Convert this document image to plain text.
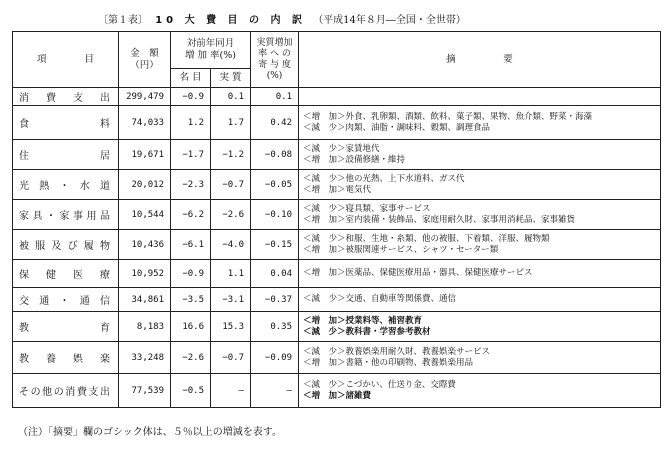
〔第１表〕 10 大 費 目 の 内 訳 （平成14年８月―全国・全世帯）
項　　　　目	金　額
（円）	対前年同月
増 加 率(%)		実質増加
率 へ の
寄 与 度
(%)	摘　　　　　要
		名 目	実 質		
消費支出	299,479	−0.9	0.1	0.1	
食料	74,033	1.2	1.7	0.42	＜増　加＞外食、乳卵類、酒類、飲料、菓子類、果物、魚介類、野菜・海藻
＜減　少＞肉類、油脂・調味料、穀類、調理食品

住居	19,671	−1.7	−1.2	−0.08	＜減　少＞家賃地代
＜増　加＞設備修繕・維持

光熱・水道	20,012	−2.3	−0.7	−0.05	＜減　少＞他の光熱、上下水道料、ガス代
＜増　加＞電気代

家具・家事用品	10,544	−6.2	−2.6	−0.10	＜減　少＞寝具類、家事サービス
＜増　加＞室内装備・装飾品、家庭用耐久財、家事用消耗品、家事雑貨

被服及び履物	10,436	−6.1	−4.0	−0.15	＜減　少＞和服、生地・糸類、他の被服、下着類、洋服、履物類
＜増　加＞被服関連サービス、シャツ・セーター類

保健医療	10,952	−0.9	1.1	0.04	＜増　加＞医薬品、保健医療用品・器具、保健医療サービス

交通・通信	34,861	−3.5	−3.1	−0.37	＜減　少＞交通、自動車等関係費、通信

教育	8,183	16.6	15.3	0.35	＜増　加＞授業料等、補習教育
＜減　少＞教科書・学習参考教材

教養娯楽	33,248	−2.6	−0.7	−0.09	＜減　少＞教養娯楽用耐久財、教養娯楽サービス
＜増　加＞書籍・他の印刷物、教養娯楽用品

その他の消費支出	77,539	−0.5	—	—	＜減　少＞こづかい、仕送り金、交際費
＜増　加＞諸雑費
（注）「摘要」欄のゴシック体は、５％以上の増減を表す。
